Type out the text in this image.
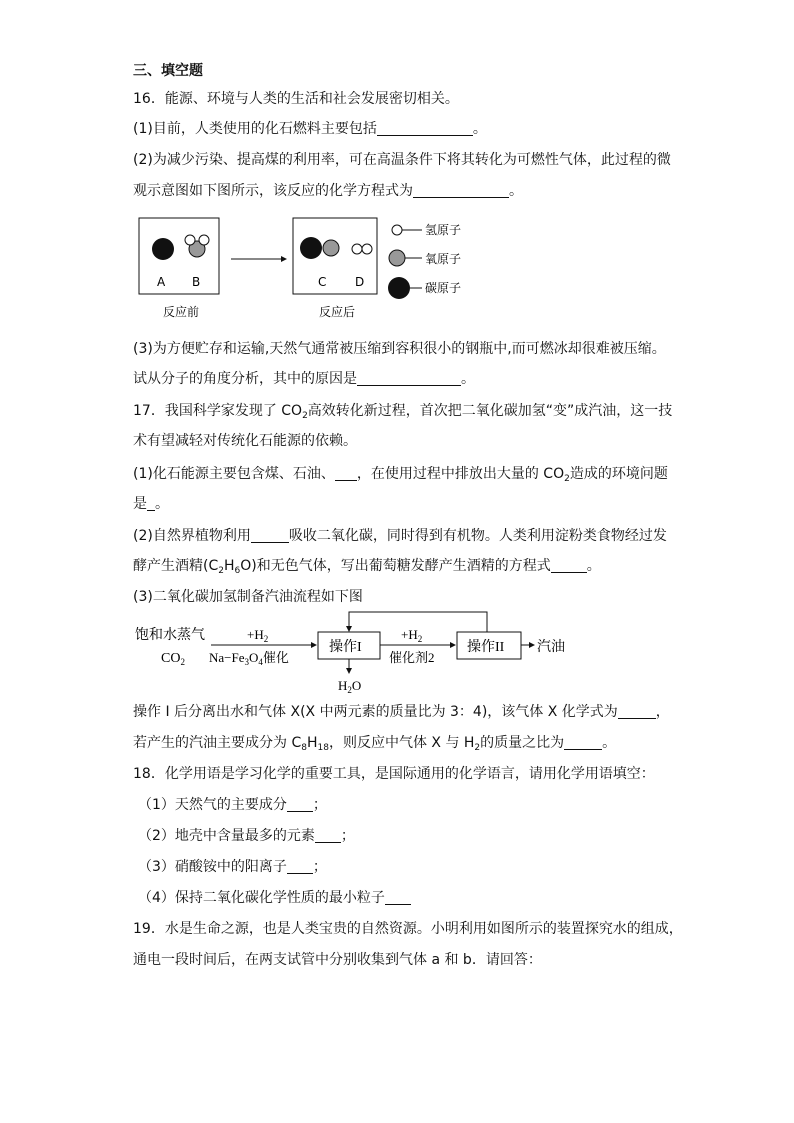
三、填空题
16．能源、环境与人类的生活和社会发展密切相关。
(1)目前，人类使用的化石燃料主要包括	。
(2)为减少污染、提高煤的利用率，可在高温条件下将其转化为可燃性气体，此过程的微
观示意图如下图所示，该反应的化学方程式为	。
A B	C D
反应前	反应后
氢原子
氧原子
碳原子
(3)为方便贮存和运输,天然气通常被压缩到容积很小的钢瓶中,而可燃冰却很难被压缩。
试从分子的角度分析，其中的原因是	。
17．我国科学家发现了 $CO_2$高效转化新过程，首次把二氧化碳加氢“变”成汽油，这一技
术有望减轻对传统化石能源的依赖。
(1)化石能源主要包含煤、石油、 ，在使用过程中排放出大量的 $CO_2$造成的环境问题
是 。
(2)自然界植物利用	吸收二氧化碳，同时得到有机物。人类利用淀粉类食物经过发
酵产生酒精$(C_2H_6O)$和无色气体，写出葡萄糖发酵产生酒精的方程式	。
(3)二氧化碳加氢制备汽油流程如下图
饱和水蒸气
$CO_2$
$+H_2$
$Na-Fe_3O_4$催化
操作I
$+H_2$
催化剂2
操作II 汽油
$H_2O$
操作 I 后分离出水和气体 X(X 中两元素的质量比为 3：4)，该气体 X 化学式为	，
若产生的汽油主要成分为 $C_8H_{18}$，则反应中气体 X 与 $H_2$的质量之比为	。
18．化学用语是学习化学的重要工具，是国际通用的化学语言，请用化学用语填空：
（1）天然气的主要成分 ；
（2）地壳中含量最多的元素 ；
（3）硝酸铵中的阳离子 ；
（4）保持二氧化碳化学性质的最小粒子
19．水是生命之源，也是人类宝贵的自然资源。小明利用如图所示的装置探究水的组成，
通电一段时间后，在两支试管中分别收集到气体 a 和 b．请回答：
